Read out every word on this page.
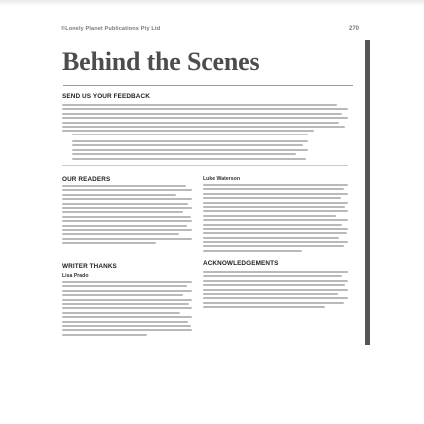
©Lonely Planet Publications Pty Ltd	270
Behind the Scenes
SEND US YOUR FEEDBACK
OUR READERS
WRITER THANKS
Lisa Prado
Luke Waterson
ACKNOWLEDGEMENTS
